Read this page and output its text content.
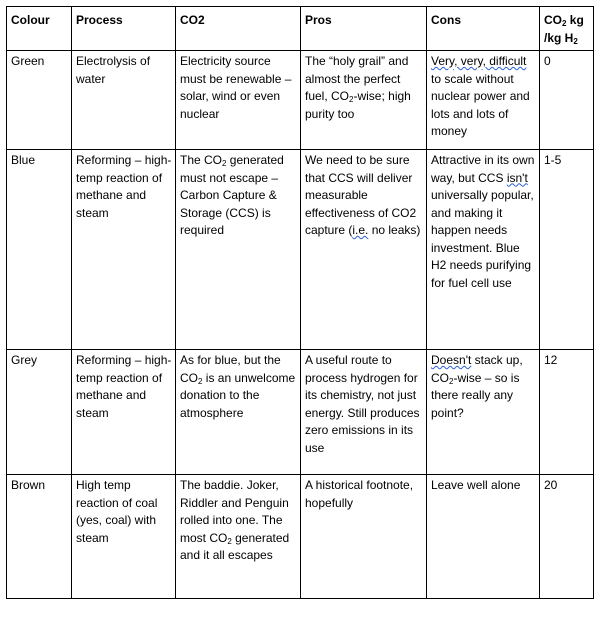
Colour	Process	CO2	Pros	Cons	$CO_2$ kg /kg $H_2$
Green	Electrolysis of water	Electricity source must be renewable – solar, wind or even nuclear	The “holy grail” and almost the perfect fuel, $CO_2$-wise; high purity too	Very, very, difficult to scale without nuclear power and lots and lots of money	0
Blue	Reforming – high-temp reaction of methane and steam	The $CO_2$ generated must not escape – Carbon Capture & Storage (CCS) is required	We need to be sure that CCS will deliver measurable effectiveness of CO2 capture (i.e. no leaks)	Attractive in its own way, but CCS isn't universally popular, and making it happen needs investment. Blue H2 needs purifying for fuel cell use	1-5
Grey	Reforming – high-temp reaction of methane and steam	As for blue, but the $CO_2$ is an unwelcome donation to the atmosphere	A useful route to process hydrogen for its chemistry, not just energy. Still produces zero emissions in its use	Doesn't stack up, $CO_2$-wise – so is there really any point?	12
Brown	High temp reaction of coal (yes, coal) with steam	The baddie. Joker, Riddler and Penguin rolled into one. The most $CO_2$ generated and it all escapes	A historical footnote, hopefully	Leave well alone	20
